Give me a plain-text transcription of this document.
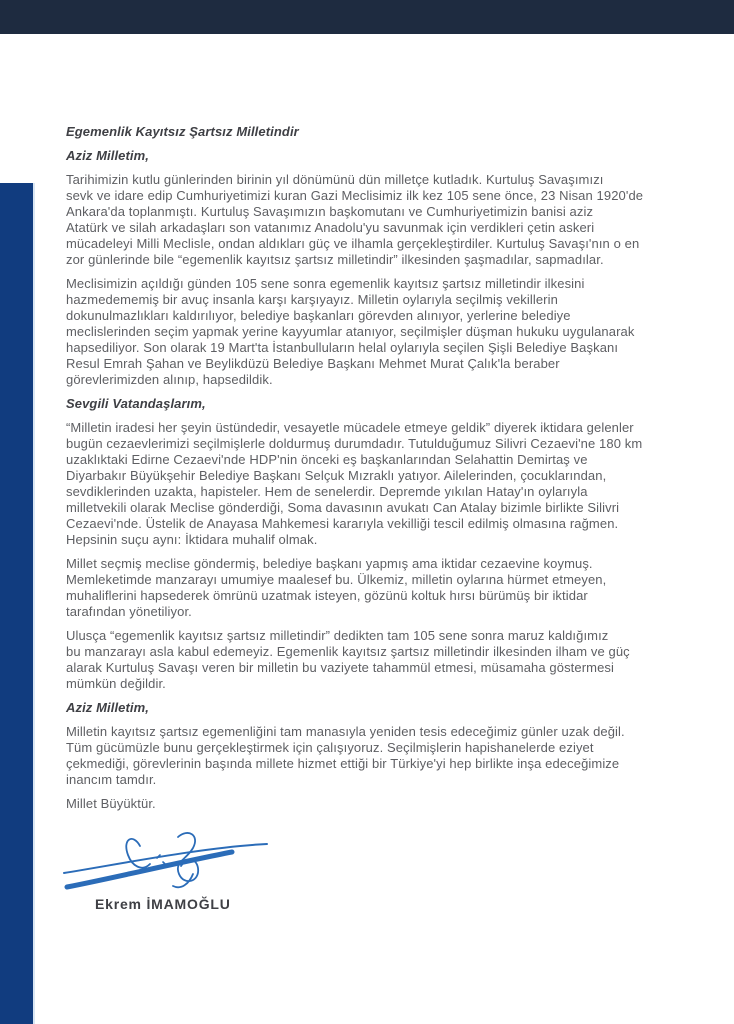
Egemenlik Kayıtsız Şartsız Milletindir
Aziz Milletim,
Tarihimizin kutlu günlerinden birinin yıl dönümünü dün milletçe kutladık. Kurtuluş Savaşımızı
sevk ve idare edip Cumhuriyetimizi kuran Gazi Meclisimiz ilk kez 105 sene önce, 23 Nisan 1920'de
Ankara'da toplanmıştı. Kurtuluş Savaşımızın başkomutanı ve Cumhuriyetimizin banisi aziz
Atatürk ve silah arkadaşları son vatanımız Anadolu'yu savunmak için verdikleri çetin askeri
mücadeleyi Milli Meclisle, ondan aldıkları güç ve ilhamla gerçekleştirdiler. Kurtuluş Savaşı'nın o en
zor günlerinde bile “egemenlik kayıtsız şartsız milletindir” ilkesinden şaşmadılar, sapmadılar.
Meclisimizin açıldığı günden 105 sene sonra egemenlik kayıtsız şartsız milletindir ilkesini
hazmedememiş bir avuç insanla karşı karşıyayız. Milletin oylarıyla seçilmiş vekillerin
dokunulmazlıkları kaldırılıyor, belediye başkanları görevden alınıyor, yerlerine belediye
meclislerinden seçim yapmak yerine kayyumlar atanıyor, seçilmişler düşman hukuku uygulanarak
hapsediliyor. Son olarak 19 Mart'ta İstanbulluların helal oylarıyla seçilen Şişli Belediye Başkanı
Resul Emrah Şahan ve Beylikdüzü Belediye Başkanı Mehmet Murat Çalık'la beraber
görevlerimizden alınıp, hapsedildik.
Sevgili Vatandaşlarım,
“Milletin iradesi her şeyin üstündedir, vesayetle mücadele etmeye geldik” diyerek iktidara gelenler
bugün cezaevlerimizi seçilmişlerle doldurmuş durumdadır. Tutulduğumuz Silivri Cezaevi'ne 180 km
uzaklıktaki Edirne Cezaevi'nde HDP'nin önceki eş başkanlarından Selahattin Demirtaş ve
Diyarbakır Büyükşehir Belediye Başkanı Selçuk Mızraklı yatıyor. Ailelerinden, çocuklarından,
sevdiklerinden uzakta, hapisteler. Hem de senelerdir. Depremde yıkılan Hatay'ın oylarıyla
milletvekili olarak Meclise gönderdiği, Soma davasının avukatı Can Atalay bizimle birlikte Silivri
Cezaevi'nde. Üstelik de Anayasa Mahkemesi kararıyla vekilliği tescil edilmiş olmasına rağmen.
Hepsinin suçu aynı: İktidara muhalif olmak.
Millet seçmiş meclise göndermiş, belediye başkanı yapmış ama iktidar cezaevine koymuş.
Memleketimde manzarayı umumiye maalesef bu. Ülkemiz, milletin oylarına hürmet etmeyen,
muhaliflerini hapsederek ömrünü uzatmak isteyen, gözünü koltuk hırsı bürümüş bir iktidar
tarafından yönetiliyor.
Ulusça “egemenlik kayıtsız şartsız milletindir” dedikten tam 105 sene sonra maruz kaldığımız
bu manzarayı asla kabul edemeyiz. Egemenlik kayıtsız şartsız milletindir ilkesinden ilham ve güç
alarak Kurtuluş Savaşı veren bir milletin bu vaziyete tahammül etmesi, müsamaha göstermesi
mümkün değildir.
Aziz Milletim,
Milletin kayıtsız şartsız egemenliğini tam manasıyla yeniden tesis edeceğimiz günler uzak değil.
Tüm gücümüzle bunu gerçekleştirmek için çalışıyoruz. Seçilmişlerin hapishanelerde eziyet
çekmediği, görevlerinin başında millete hizmet ettiği bir Türkiye'yi hep birlikte inşa edeceğimize
inancım tamdır.
Millet Büyüktür.
Ekrem İMAMOĞLU
